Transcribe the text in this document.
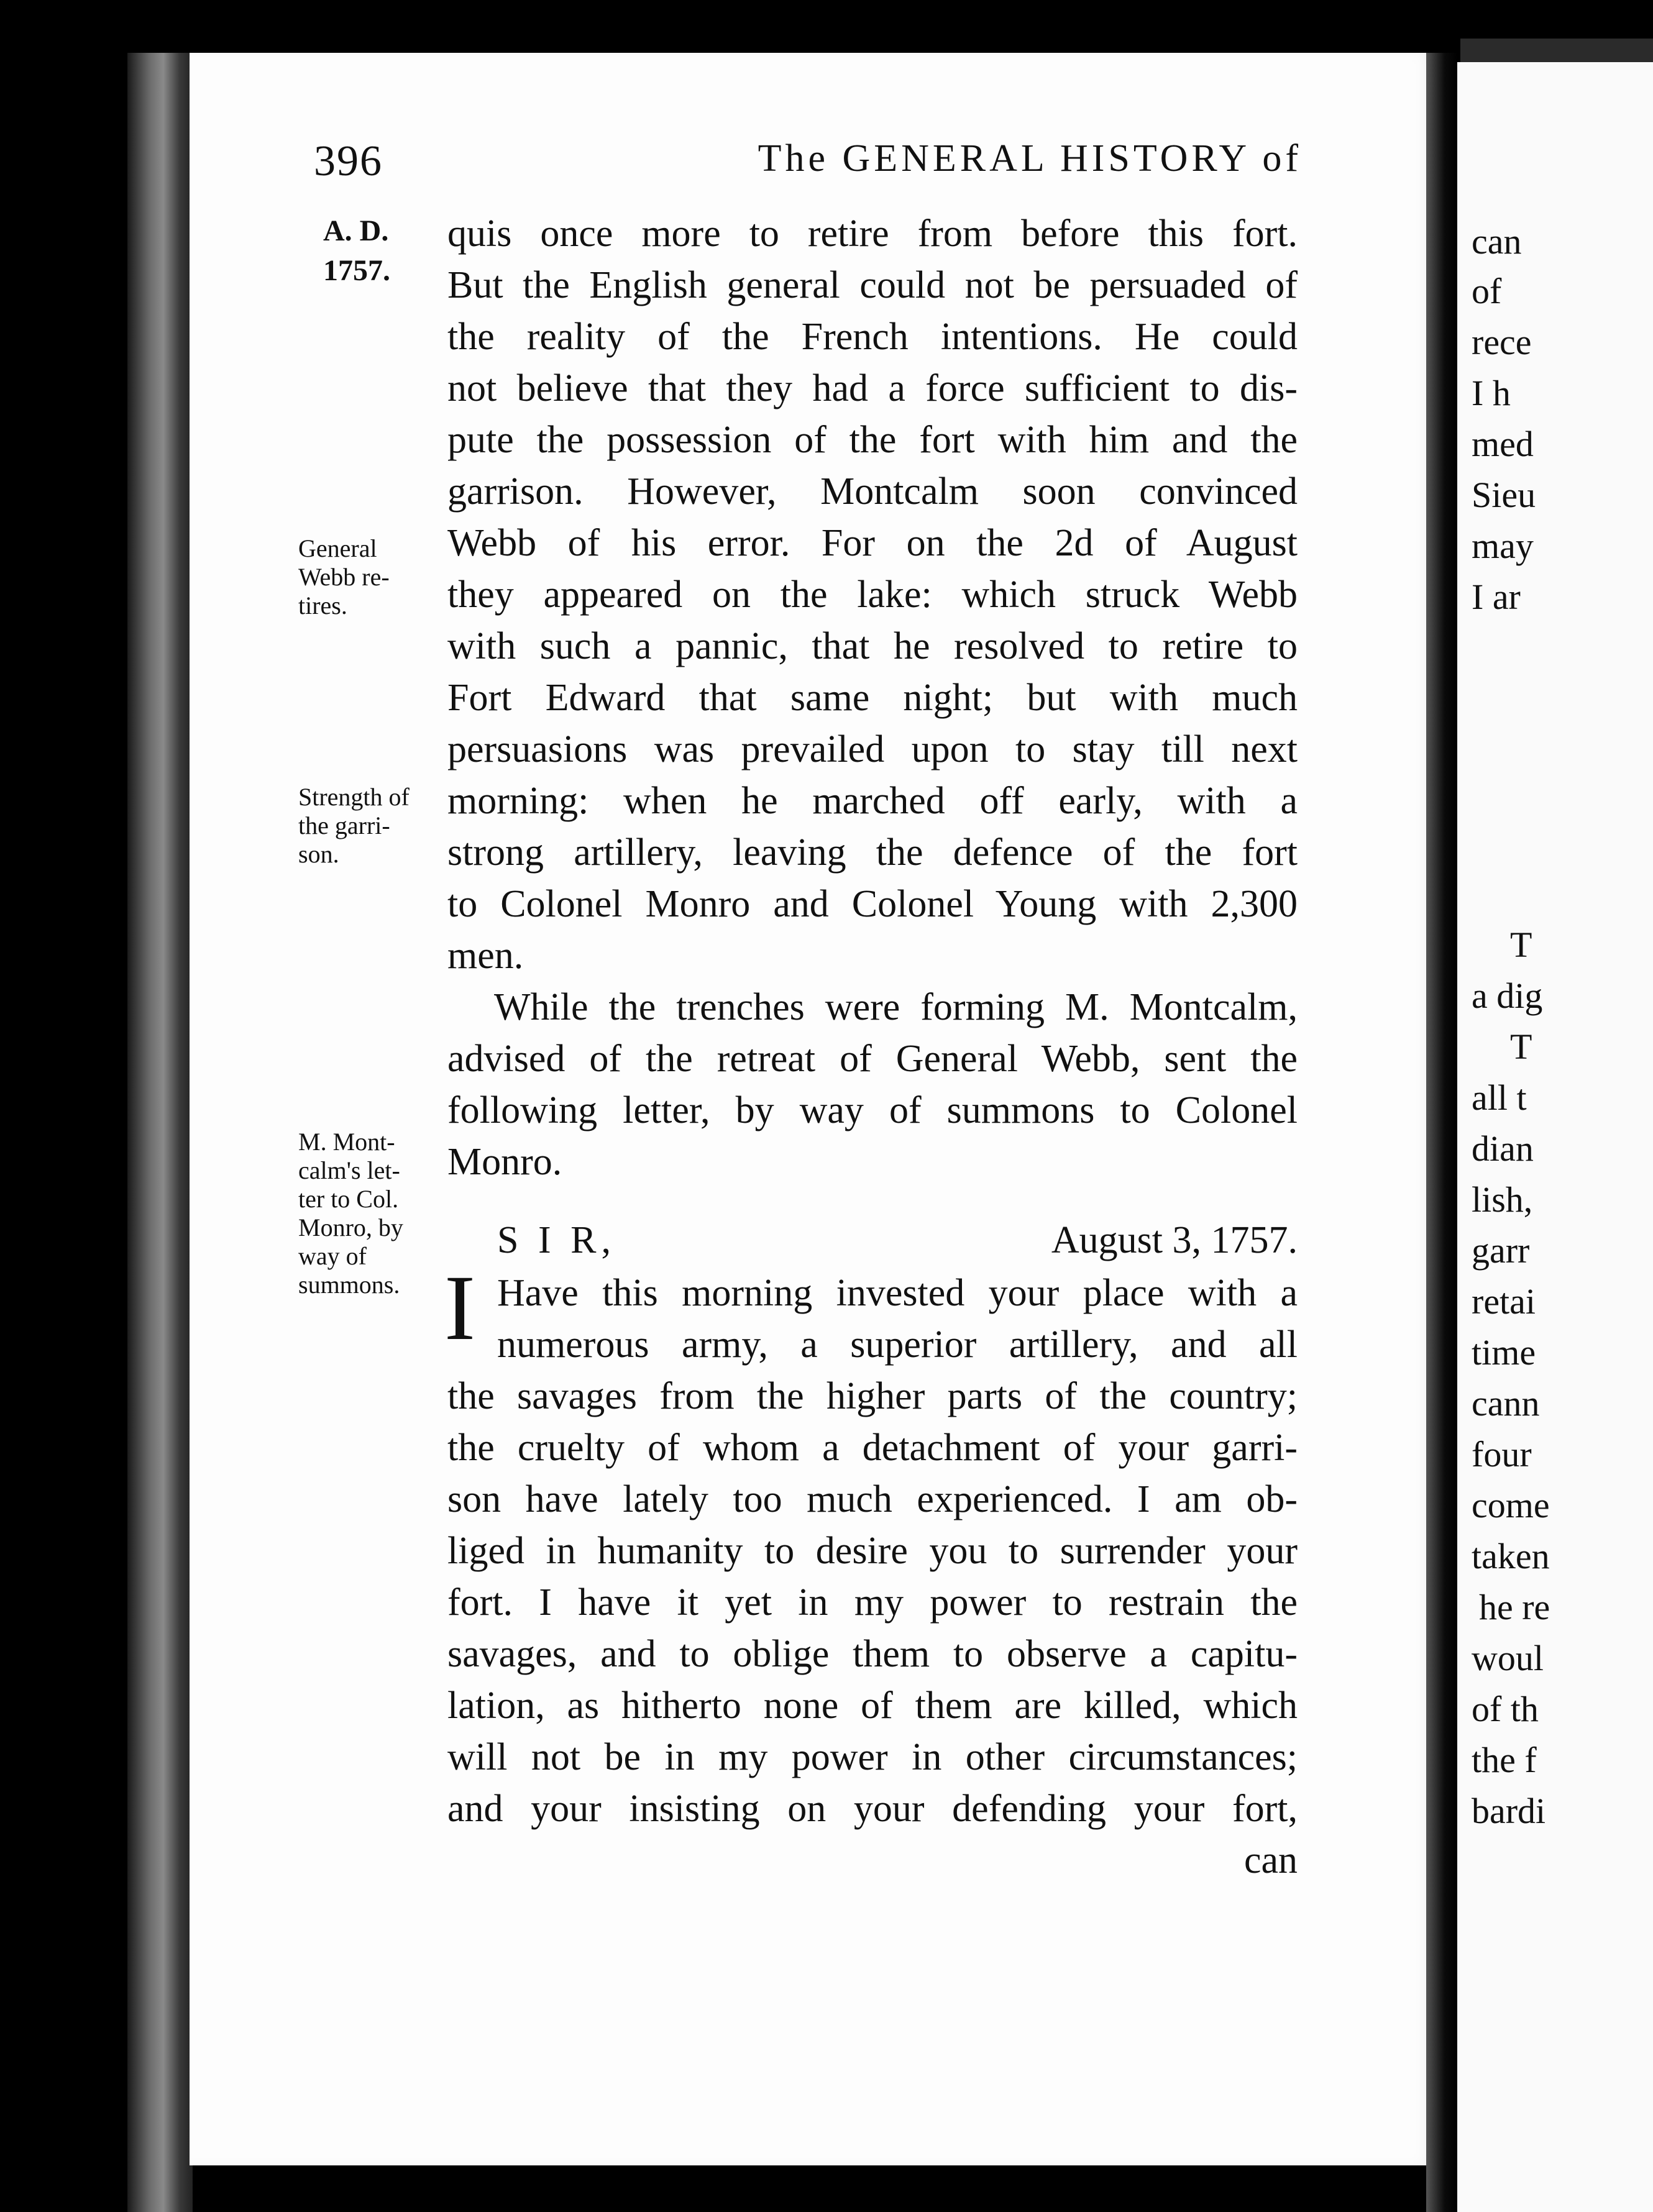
396	The GENERAL HISTORY of
A. D.
1757.
General
Webb re-
tires.
Strength of
the garri-
son.
M. Mont-
calm's let-
ter to Col.
Monro, by
way of
summons.
quis once more to retire from before this fort.
But the English general could not be persuaded of
the reality of the French intentions. He could
not believe that they had a force sufficient to dis-
pute the possession of the fort with him and the
garrison. However, Montcalm soon convinced
Webb of his error. For on the 2d of August
they appeared on the lake: which struck Webb
with such a pannic, that he resolved to retire to
Fort Edward that same night; but with much
persuasions was prevailed upon to stay till next
morning: when he marched off early, with a
strong artillery, leaving the defence of the fort
to Colonel Monro and Colonel Young with 2,300
men.
While the trenches were forming M. Montcalm,
advised of the retreat of General Webb, sent the
following letter, by way of summons to Colonel
Monro.
S I R,	August 3, 1757.
I Have this morning invested your place with a
numerous army, a superior artillery, and all
the savages from the higher parts of the country;
the cruelty of whom a detachment of your garri-
son have lately too much experienced. I am ob-
liged in humanity to desire you to surrender your
fort. I have it yet in my power to restrain the
savages, and to oblige them to observe a capitu-
lation, as hitherto none of them are killed, which
will not be in my power in other circumstances;
and your insisting on your defending your fort,
can
can
of
rece
I h
med
Sieu
may
I ar
T
a dig
T
all t
dian
lish,
garr
retai
time
cann
four
come
taken
he re
woul
of th
the f
bardi
